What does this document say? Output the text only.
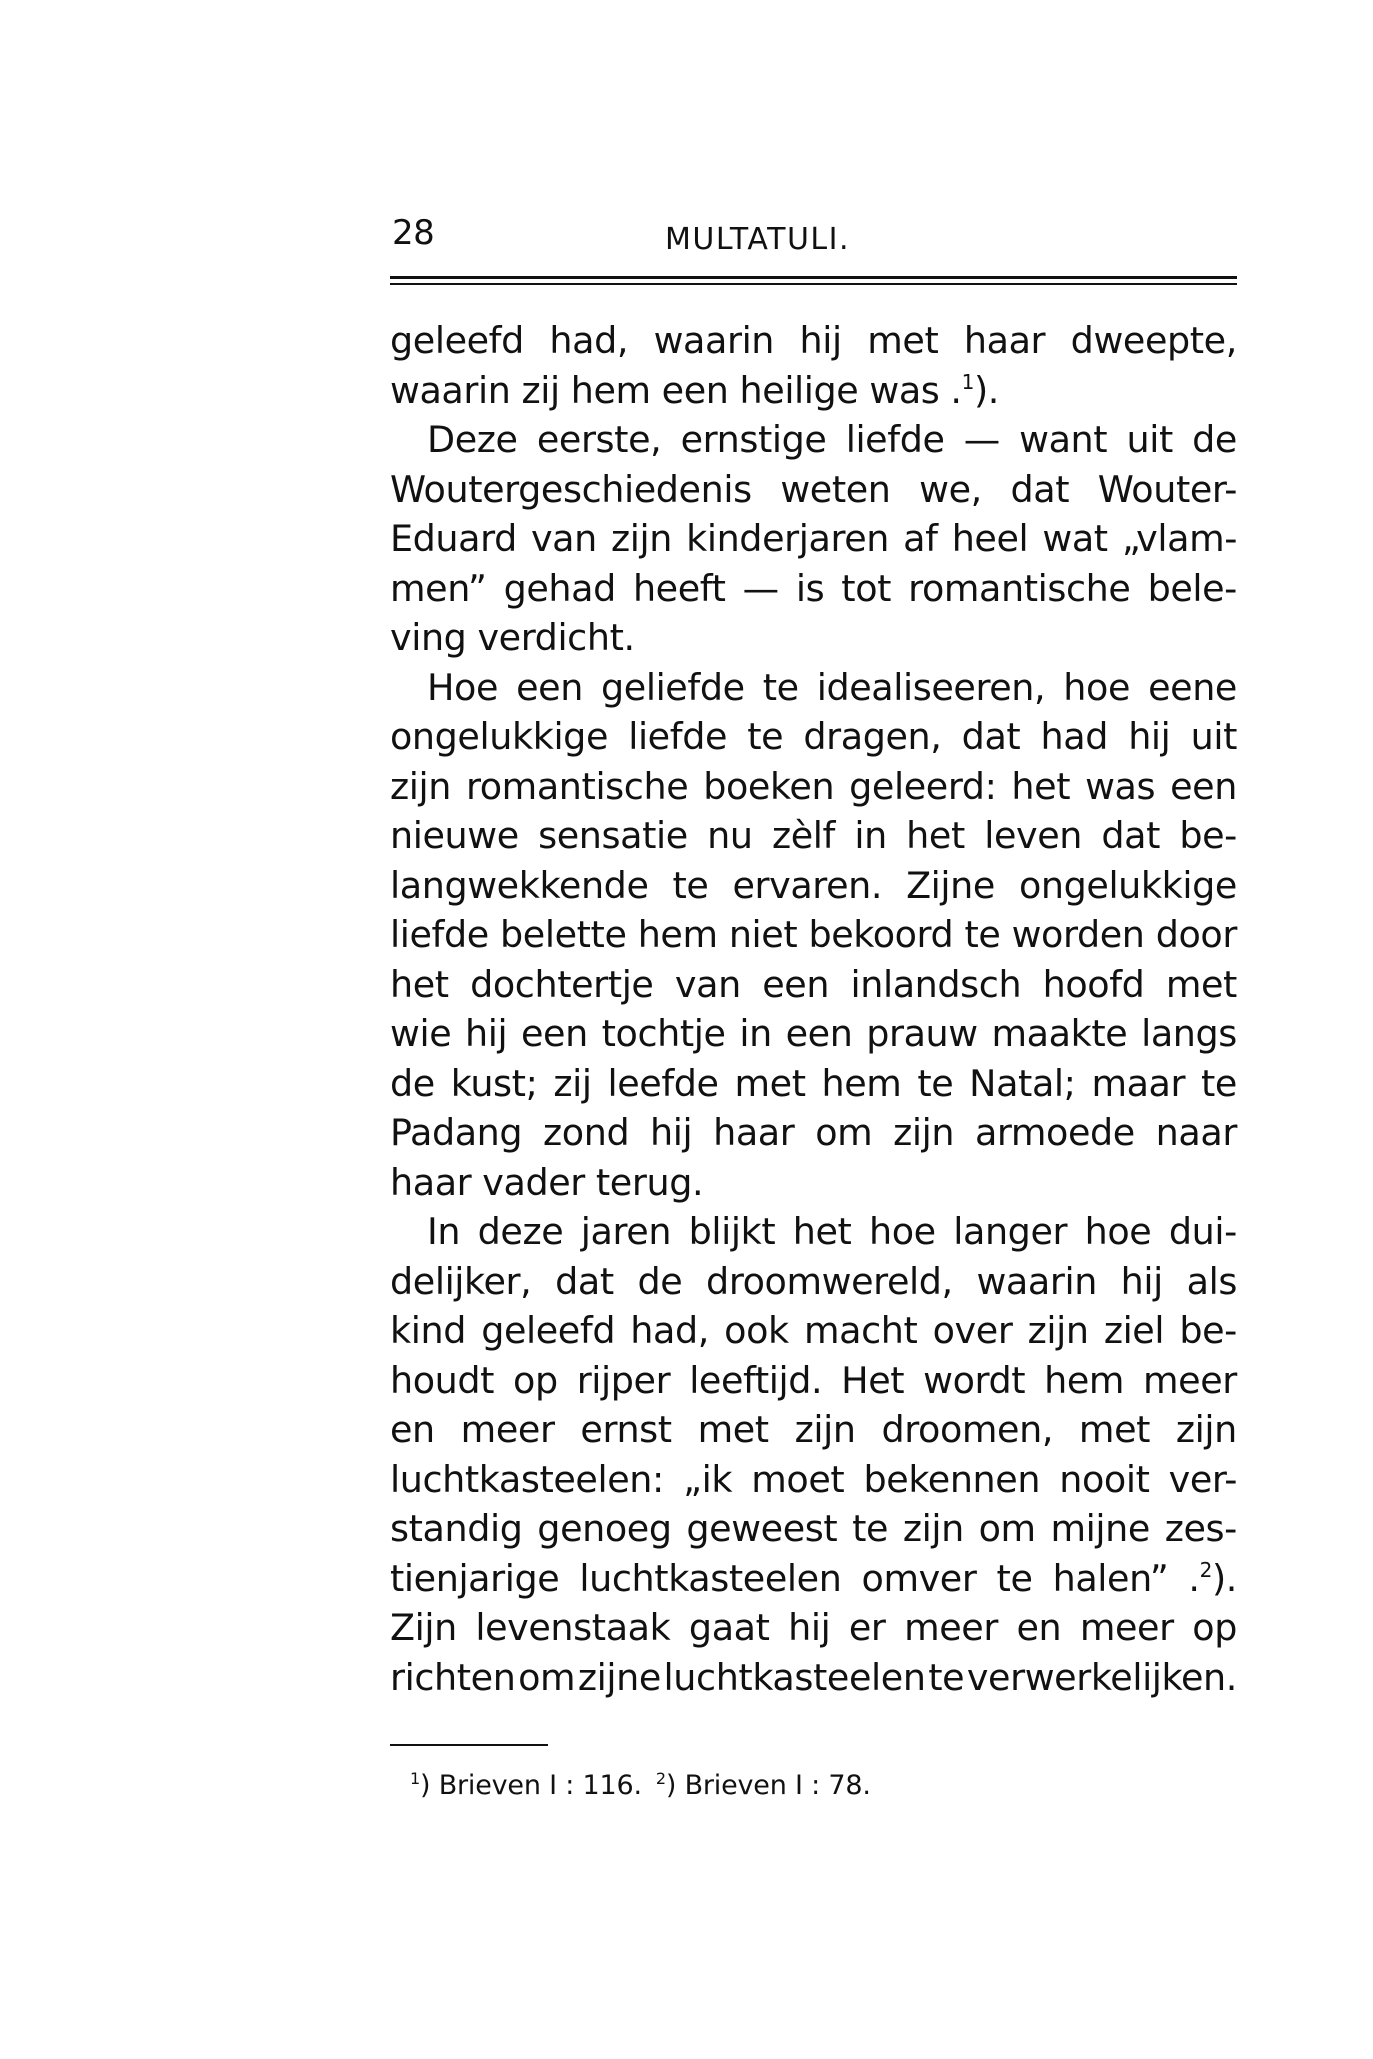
28	MULTATULI.
geleefd had, waarin hij met haar dweepte,
waarin zij hem een heilige was .$^1$).
Deze eerste, ernstige liefde — want uit de
Woutergeschiedenis weten we, dat Wouter-
Eduard van zijn kinderjaren af heel wat „vlam-
men” gehad heeft — is tot romantische bele-
ving verdicht.
Hoe een geliefde te idealiseeren, hoe eene
ongelukkige liefde te dragen, dat had hij uit
zijn romantische boeken geleerd: het was een
nieuwe sensatie nu zèlf in het leven dat be-
langwekkende te ervaren. Zijne ongelukkige
liefde belette hem niet bekoord te worden door
het dochtertje van een inlandsch hoofd met
wie hij een tochtje in een prauw maakte langs
de kust; zij leefde met hem te Natal; maar te
Padang zond hij haar om zijn armoede naar
haar vader terug.
In deze jaren blijkt het hoe langer hoe dui-
delijker, dat de droomwereld, waarin hij als
kind geleefd had, ook macht over zijn ziel be-
houdt op rijper leeftijd. Het wordt hem meer
en meer ernst met zijn droomen, met zijn
luchtkasteelen: „ik moet bekennen nooit ver-
standig genoeg geweest te zijn om mijne zes-
tienjarige luchtkasteelen omver te halen” .$^2$).
Zijn levenstaak gaat hij er meer en meer op
richten om zijne luchtkasteelen te verwerkelijken.
$^1$) Brieven I : 116. $^2$) Brieven I : 78.
